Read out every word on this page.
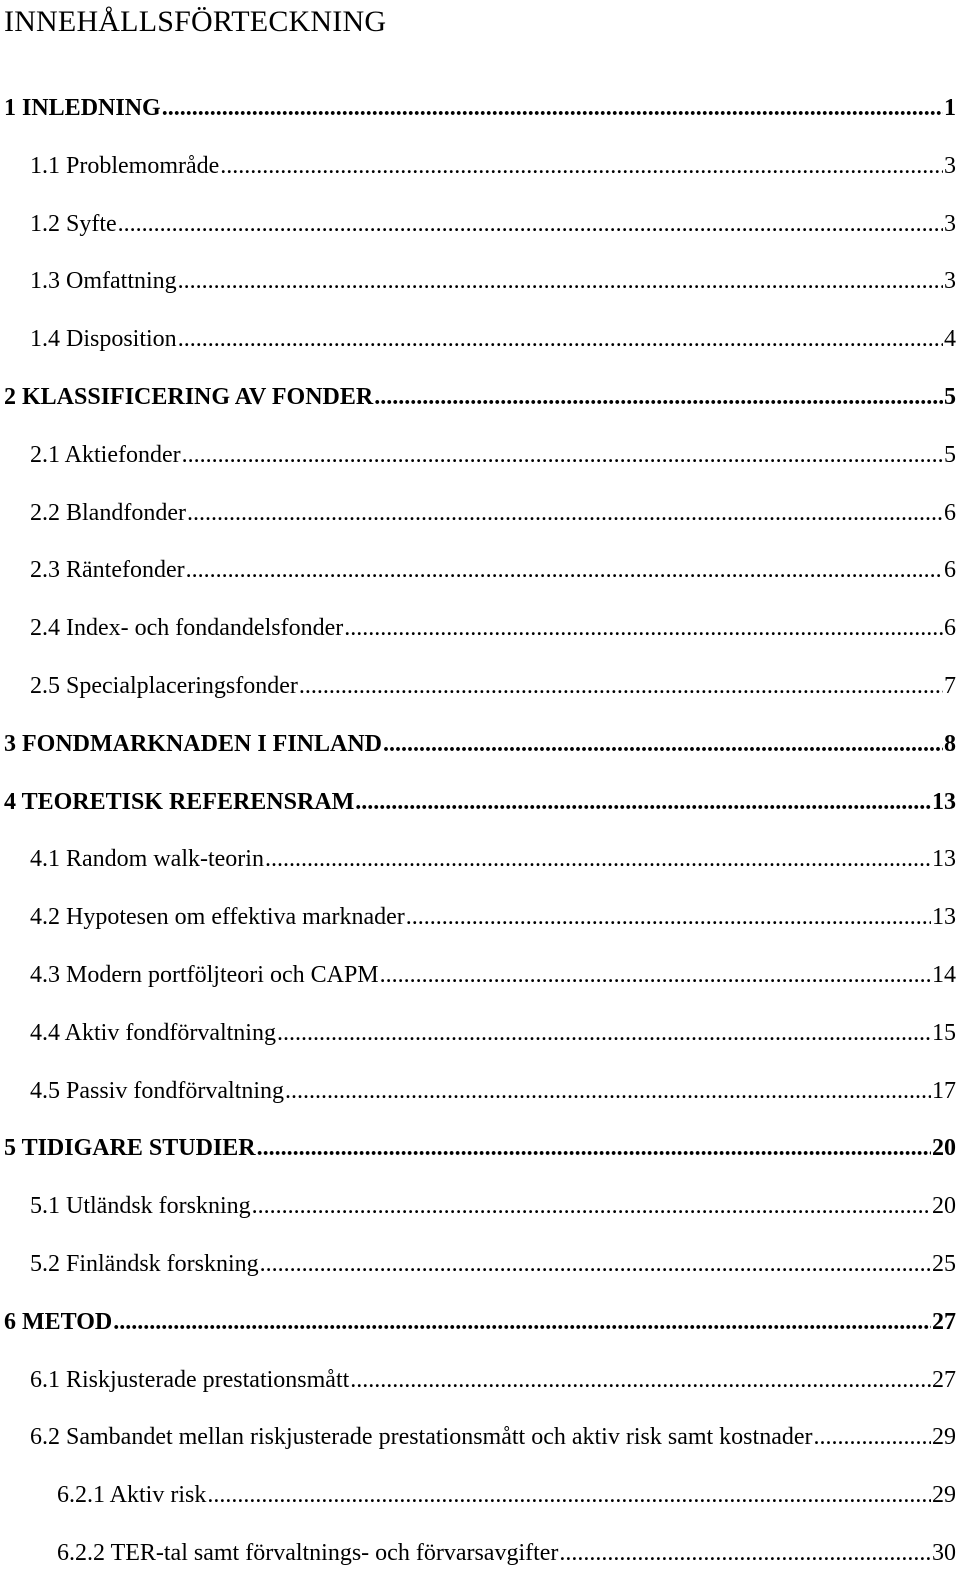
INNEHÅLLSFÖRTECKNING
1 INLEDNING .....	1
1.1 Problemområde .....	3
1.2 Syfte .....	3
1.3 Omfattning .....	3
1.4 Disposition .....	4
2 KLASSIFICERING AV FONDER .....	5
2.1 Aktiefonder .....	5
2.2 Blandfonder .....	6
2.3 Räntefonder .....	6
2.4 Index- och fondandelsfonder .....	6
2.5 Specialplaceringsfonder .....	7
3 FONDMARKNADEN I FINLAND .....	8
4 TEORETISK REFERENSRAM .....	13
4.1 Random walk-teorin .....	13
4.2 Hypotesen om effektiva marknader .....	13
4.3 Modern portföljteori och CAPM .....	14
4.4 Aktiv fondförvaltning .....	15
4.5 Passiv fondförvaltning .....	17
5 TIDIGARE STUDIER .....	20
5.1 Utländsk forskning .....	20
5.2 Finländsk forskning .....	25
6 METOD .....	27
6.1 Riskjusterade prestationsmått .....	27
6.2 Sambandet mellan riskjusterade prestationsmått och aktiv risk samt kostnader .....	29
6.2.1 Aktiv risk .....	29
6.2.2 TER-tal samt förvaltnings- och förvarsavgifter .....	30
